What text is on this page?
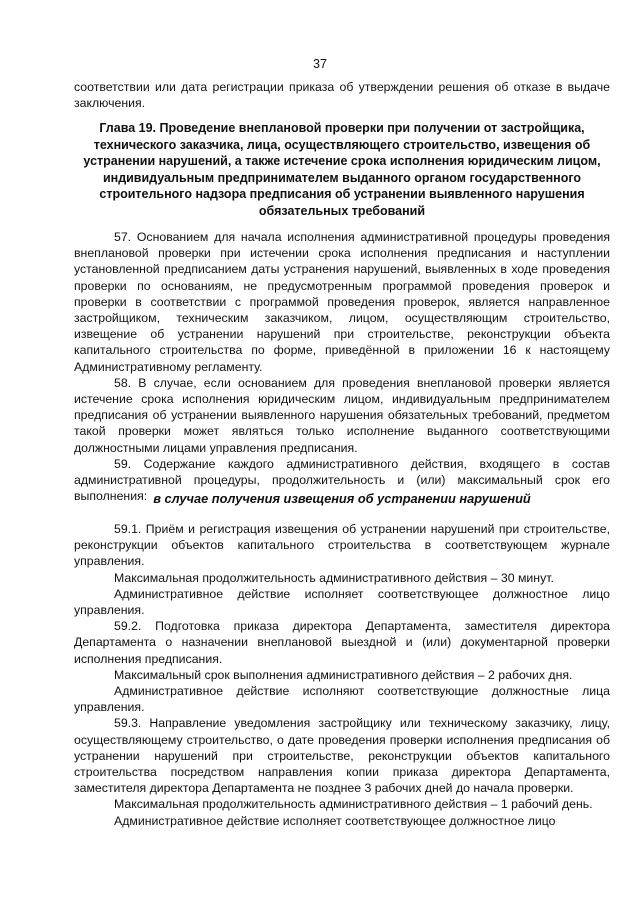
37

соответствии или дата регистрации приказа об утверждении решения об отказе в выдаче заключения.

Глава 19. Проведение внеплановой проверки при получении от застройщика, технического заказчика, лица, осуществляющего строительство, извещения об устранении нарушений, а также истечение срока исполнения юридическим лицом, индивидуальным предпринимателем выданного органом государственного строительного надзора предписания об устранении выявленного нарушения обязательных требований

57. Основанием для начала исполнения административной процедуры проведения внеплановой проверки при истечении срока исполнения предписания и наступлении установленной предписанием даты устранения нарушений, выявленных в ходе проведения проверки по основаниям, не предусмотренным программой проведения проверок и проверки в соответствии с программой проведения проверок, является направленное застройщиком, техническим заказчиком, лицом, осуществляющим строительство, извещение об устранении нарушений при строительстве, реконструкции объекта капитального строительства по форме, приведённой в приложении 16 к настоящему Административному регламенту.

58. В случае, если основанием для проведения внеплановой проверки является истечение срока исполнения юридическим лицом, индивидуальным предпринимателем предписания об устранении выявленного нарушения обязательных требований, предметом такой проверки может являться только исполнение выданного соответствующими должностными лицами управления предписания.

59. Содержание каждого административного действия, входящего в состав административной процедуры, продолжительность и (или) максимальный срок его выполнения: в случае получения извещения об устранении нарушений

59.1. Приём и регистрация извещения об устранении нарушений при строительстве, реконструкции объектов капитального строительства в соответствующем журнале управления.

Максимальная продолжительность административного действия – 30 минут.

Административное действие исполняет соответствующее должностное лицо управления.

59.2. Подготовка приказа директора Департамента, заместителя директора Департамента о назначении внеплановой выездной и (или) документарной проверки исполнения предписания.

Максимальный срок выполнения административного действия – 2 рабочих дня.

Административное действие исполняют соответствующие должностные лица управления.

59.3. Направление уведомления застройщику или техническому заказчику, лицу, осуществляющему строительство, о дате проведения проверки исполнения предписания об устранении нарушений при строительстве, реконструкции объектов капитального строительства посредством направления копии приказа директора Департамента, заместителя директора Департамента не позднее 3 рабочих дней до начала проверки.

Максимальная продолжительность административного действия – 1 рабочий день.

Административное действие исполняет соответствующее должностное лицо
